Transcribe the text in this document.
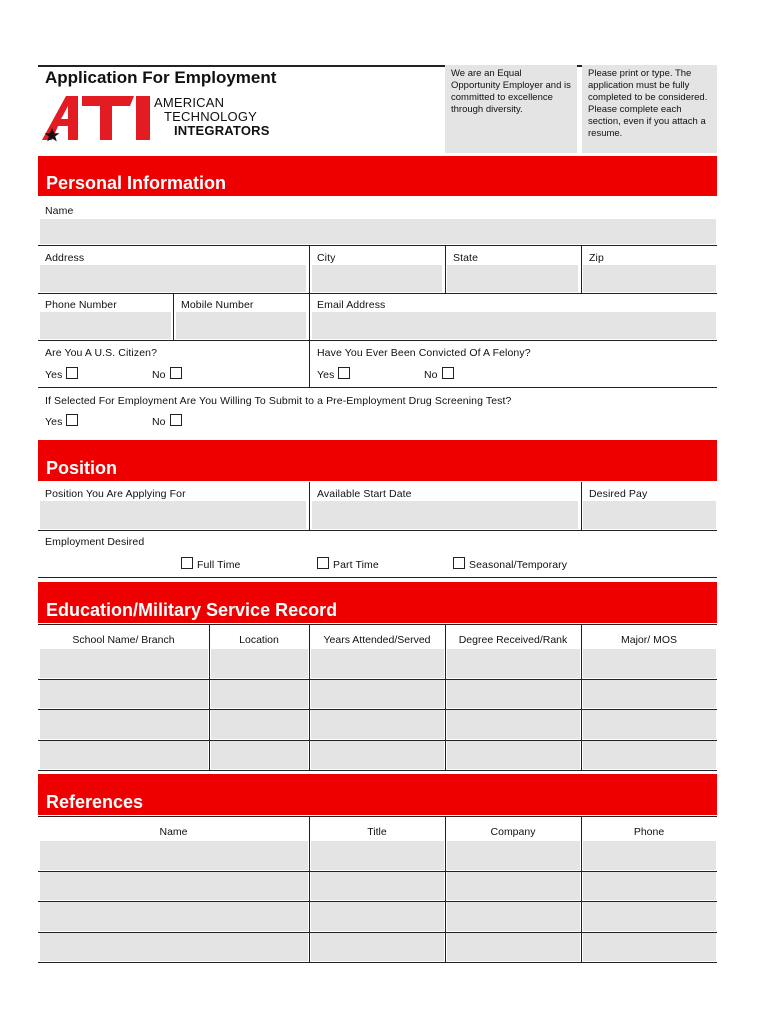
Application For Employment
AMERICAN
TECHNOLOGY
INTEGRATORS
We are an Equal Opportunity Employer and is committed to excellence through diversity.
Please print or type. The application must be fully completed to be considered. Please complete each section, even if you attach a resume.
Personal Information
Name
Address	City	State	Zip
Phone Number	Mobile Number	Email Address
Are You A U.S. Citizen?	Have You Ever Been Convicted Of A Felony?
Yes	No	Yes	No
If Selected For Employment Are You Willing To Submit to a Pre-Employment Drug Screening Test?
Yes	No
Position
Position You Are Applying For	Available Start Date	Desired Pay
Employment Desired
Full Time	Part Time	Seasonal/Temporary
Education/Military Service Record
School Name/ Branch	Location	Years Attended/Served	Degree Received/Rank	Major/ MOS
References
Name	Title	Company	Phone
